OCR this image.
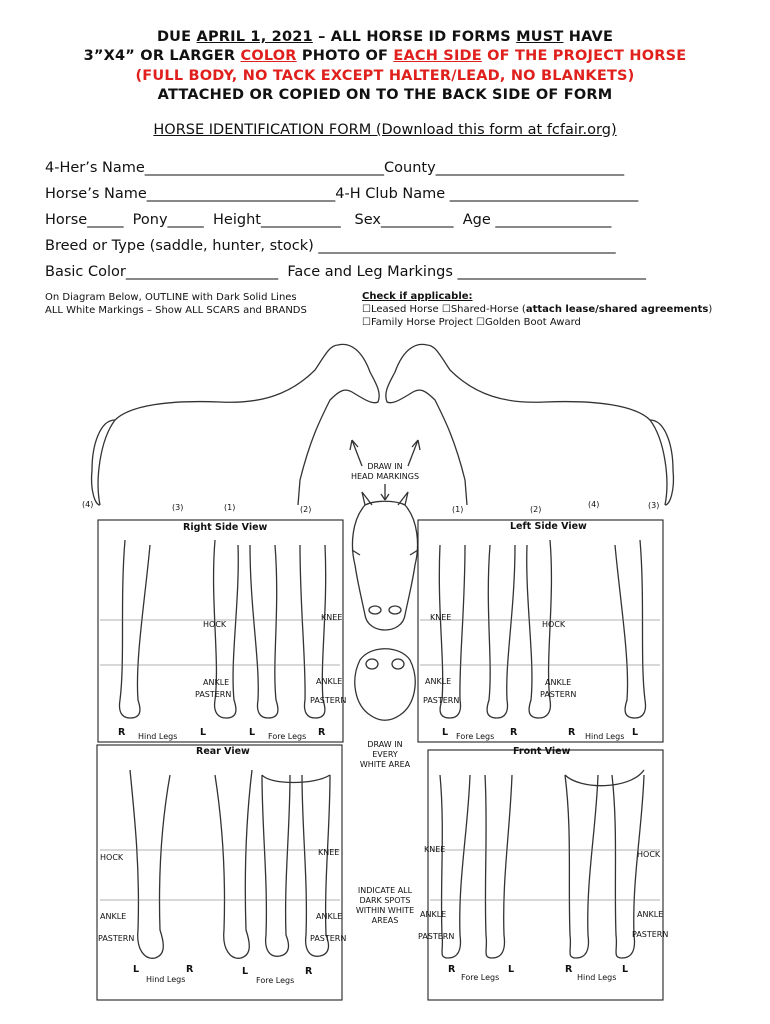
DUE APRIL 1, 2021 – ALL HORSE ID FORMS MUST HAVE
3”X4” OR LARGER COLOR PHOTO OF EACH SIDE OF THE PROJECT HORSE
(FULL BODY, NO TACK EXCEPT HALTER/LEAD, NO BLANKETS)
ATTACHED OR COPIED ON TO THE BACK SIDE OF FORM
HORSE IDENTIFICATION FORM (Download this form at fcfair.org)
4-Her’s Name_________________________________County__________________________
Horse’s Name__________________________4-H Club Name __________________________
Horse_____  Pony_____  Height___________   Sex__________  Age ________________
Breed or Type (saddle, hunter, stock) _________________________________________
Basic Color_____________________  Face and Leg Markings __________________________
On Diagram Below, OUTLINE with Dark Solid Lines
ALL White Markings – Show ALL SCARS and BRANDS
Check if applicable:
☐Leased Horse ☐Shared-Horse (attach lease/shared agreements)
☐Family Horse Project ☐Golden Boot Award
DRAW IN
HEAD MARKINGS
DRAW IN
EVERY
WHITE AREA
INDICATE ALL
DARK SPOTS
WITHIN WHITE
AREAS
Right Side View	Left Side View
Rear View	Front View
(4)	(3)	(1)	(2)	(1)	(2)
(4)	(3)
HOCK
KNEE	KNEE
HOCK
ANKLE
PASTERN
ANKLE
PASTERN
ANKLE
PASTERN
ANKLE
PASTERN
HOCK
KNEE	KNEE
HOCK
ANKLE
PASTERN
ANKLE
PASTERN
ANKLE
PASTERN
ANKLE
PASTERN
R Hind Legs L	L Fore Legs R	L Fore Legs R	R Hind Legs L
L
Hind Legs
R	L
Fore Legs
R	R
Fore Legs
L	R
Hind Legs
L
